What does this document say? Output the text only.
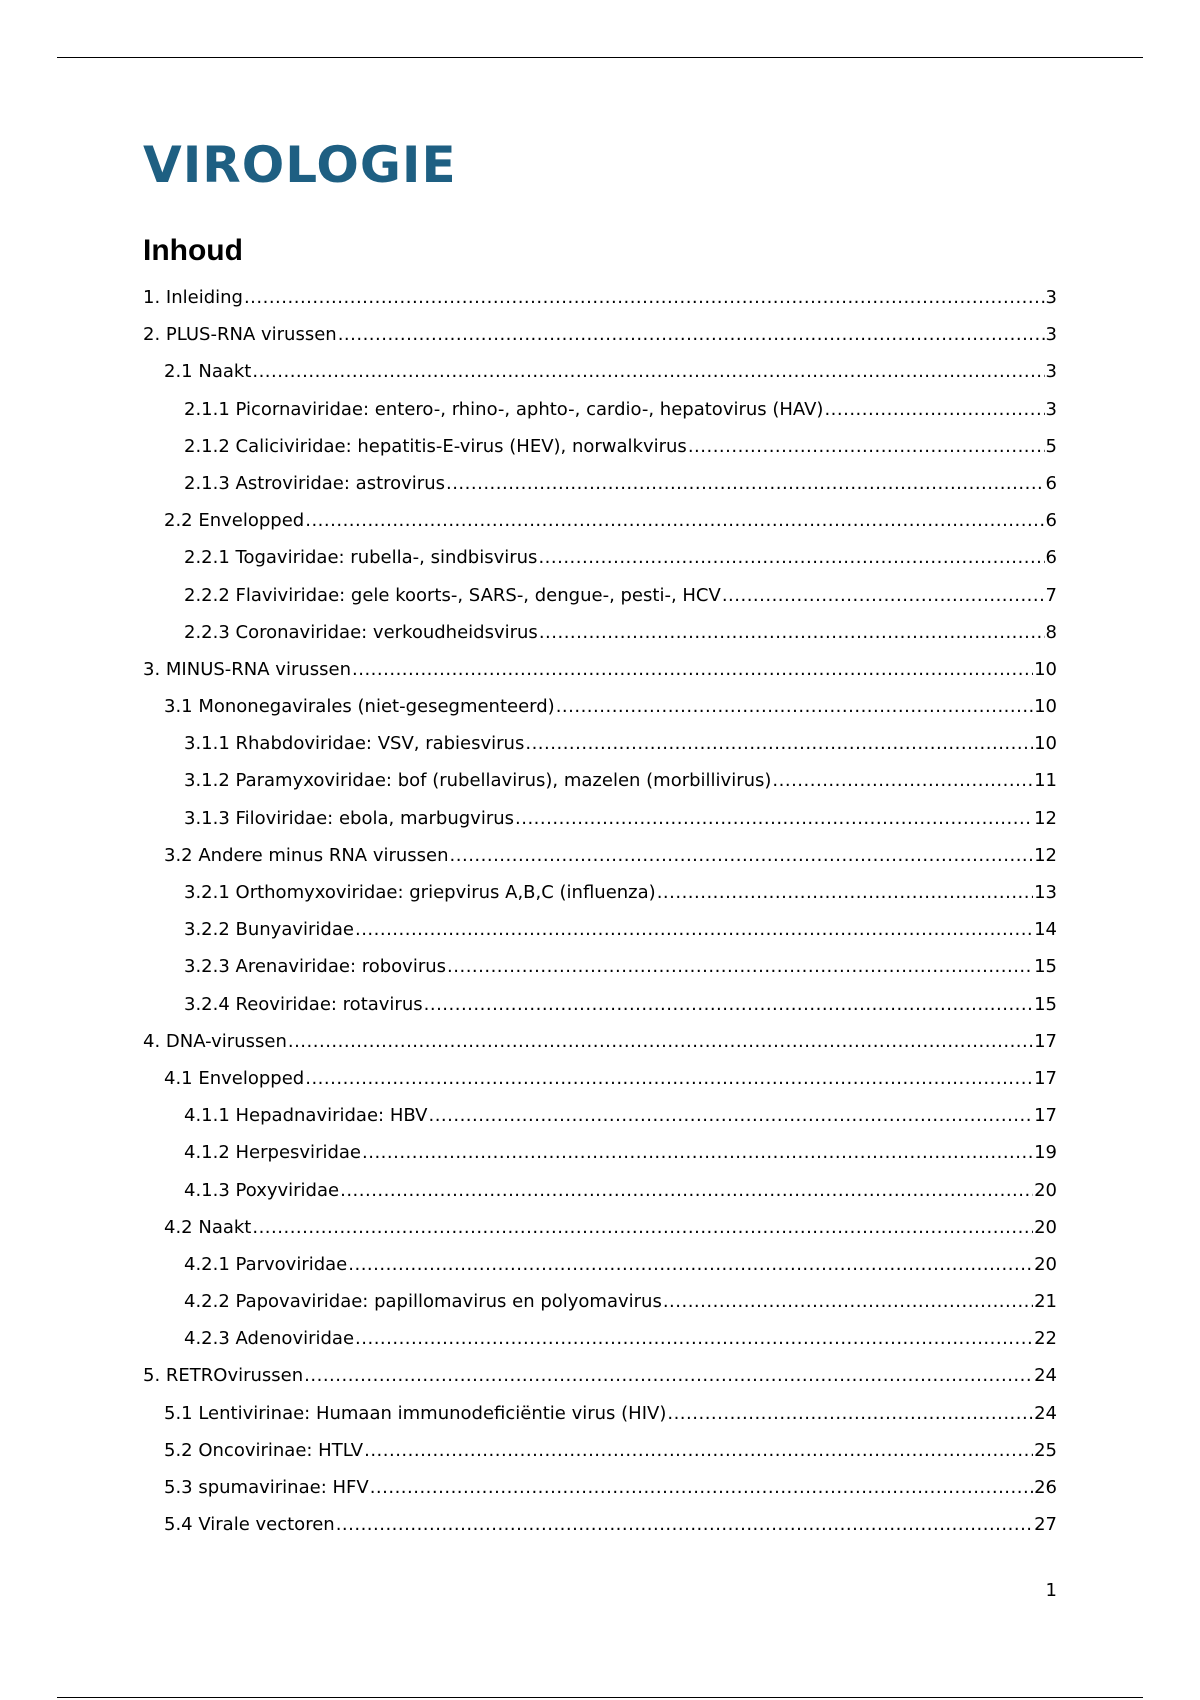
VIROLOGIE
Inhoud
1. Inleiding .....	3
2. PLUS-RNA virussen .....	3
2.1 Naakt .....	3
2.1.1 Picornaviridae: entero-, rhino-, aphto-, cardio-, hepatovirus (HAV) .....	3
2.1.2 Caliciviridae: hepatitis-E-virus (HEV), norwalkvirus .....	5
2.1.3 Astroviridae: astrovirus .....	6
2.2 Envelopped .....	6
2.2.1 Togaviridae: rubella-, sindbisvirus .....	6
2.2.2 Flaviviridae: gele koorts-, SARS-, dengue-, pesti-, HCV .....	7
2.2.3 Coronaviridae: verkoudheidsvirus .....	8
3. MINUS-RNA virussen .....	10
3.1 Mononegavirales (niet-gesegmenteerd) .....	10
3.1.1 Rhabdoviridae: VSV, rabiesvirus .....	10
3.1.2 Paramyxoviridae: bof (rubellavirus), mazelen (morbillivirus) .....	11
3.1.3 Filoviridae: ebola, marbugvirus .....	12
3.2 Andere minus RNA virussen .....	12
3.2.1 Orthomyxoviridae: griepvirus A,B,C (influenza) .....	13
3.2.2 Bunyaviridae .....	14
3.2.3 Arenaviridae: robovirus .....	15
3.2.4 Reoviridae: rotavirus .....	15
4. DNA-virussen .....	17
4.1 Envelopped .....	17
4.1.1 Hepadnaviridae: HBV .....	17
4.1.2 Herpesviridae .....	19
4.1.3 Poxyviridae .....	20
4.2 Naakt .....	20
4.2.1 Parvoviridae .....	20
4.2.2 Papovaviridae: papillomavirus en polyomavirus .....	21
4.2.3 Adenoviridae .....	22
5. RETROvirussen .....	24
5.1 Lentivirinae: Humaan immunodeficiëntie virus (HIV) .....	24
5.2 Oncovirinae: HTLV .....	25
5.3 spumavirinae: HFV .....	26
5.4 Virale vectoren .....	27
1
